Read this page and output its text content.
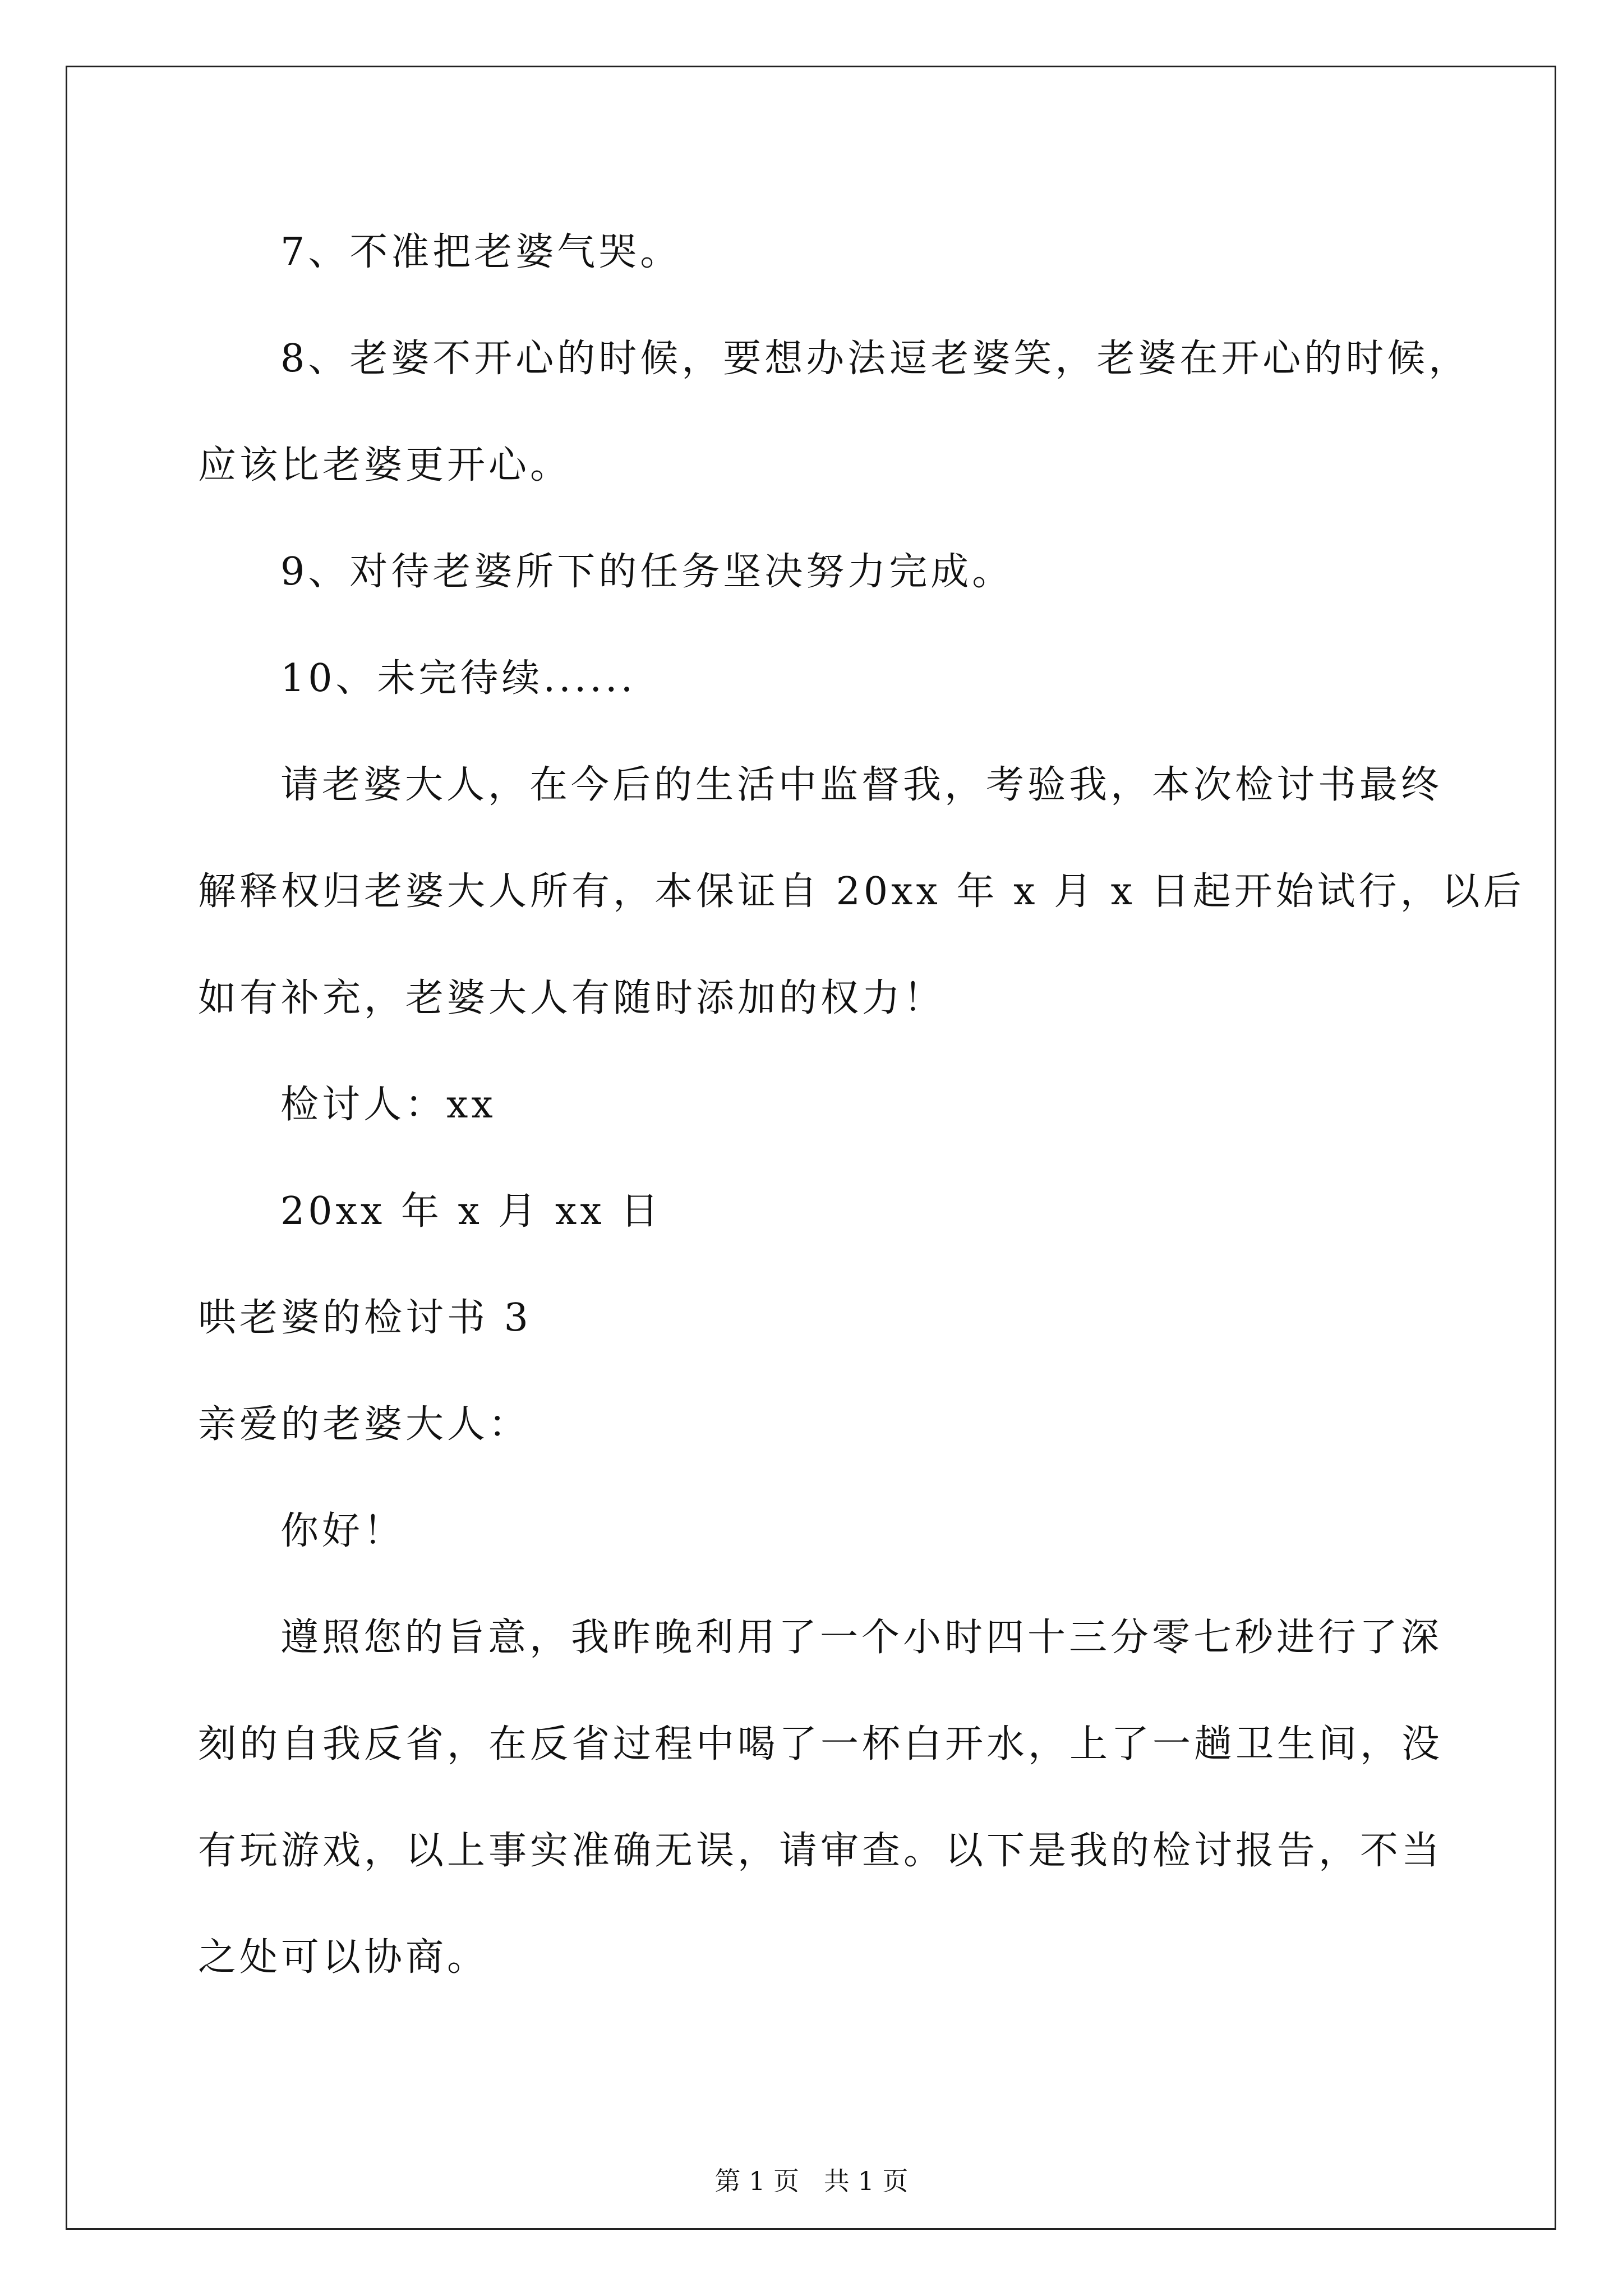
7、不准把老婆气哭。
8、老婆不开心的时候，要想办法逗老婆笑，老婆在开心的时候，
应该比老婆更开心。
9、对待老婆所下的任务坚决努力完成。
10、未完待续......
请老婆大人，在今后的生活中监督我，考验我，本次检讨书最终
解释权归老婆大人所有，本保证自 20xx 年 x 月 x 日起开始试行，以后
如有补充，老婆大人有随时添加的权力！
检讨人：xx
20xx 年 x 月 xx 日
哄老婆的检讨书 3
亲爱的老婆大人：
你好！
遵照您的旨意，我昨晚利用了一个小时四十三分零七秒进行了深
刻的自我反省，在反省过程中喝了一杯白开水，上了一趟卫生间，没
有玩游戏，以上事实准确无误，请审查。以下是我的检讨报告，不当
之处可以协商。
第 1 页   共 1 页
